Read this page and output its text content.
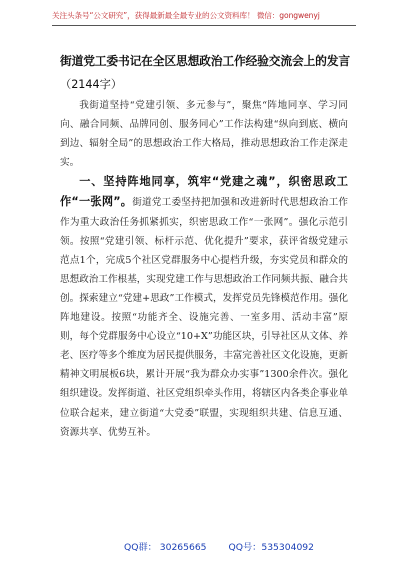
关注头条号“公文研究”，获得最新最全最专业的公文资料库！ 微信：gongwenyj
街道党工委书记在全区思想政治工作经验交流会上的发言
（2144字）

我街道坚持“党建引领、多元参与”，聚焦“阵地同享、学习同向、融合同频、品牌同创、服务同心”工作法构建“纵向到底、横向到边、辐射全局”的思想政治工作大格局，推动思想政治工作走深走实。

一、坚持阵地同享，筑牢“党建之魂”，织密思政工作“一张网”。街道党工委坚持把加强和改进新时代思想政治工作作为重大政治任务抓紧抓实，织密思政工作“一张网”。强化示范引领。按照“党建引领、标杆示范、优化提升”要求，获评省级党建示范点1个，完成5个社区党群服务中心提档升级，夯实党员和群众的思想政治工作根基，实现党建工作与思想政治工作同频共振、融合共创。探索建立“党建+思政”工作模式，发挥党员先锋模范作用。强化阵地建设。按照“功能齐全、设施完善、一室多用、活动丰富”原则，每个党群服务中心设立“10+X”功能区块，引导社区从文体、养老、医疗等多个维度为居民提供服务，丰富完善社区文化设施，更新精神文明展板6块，累计开展“我为群众办实事”1300余件次。强化组织建设。发挥街道、社区党组织牵头作用，将辖区内各类企事业单位联合起来，建立街道“大党委”联盟，实现组织共建、信息互通、资源共享、优势互补。

QQ群： 30265665 QQ号：535304092
